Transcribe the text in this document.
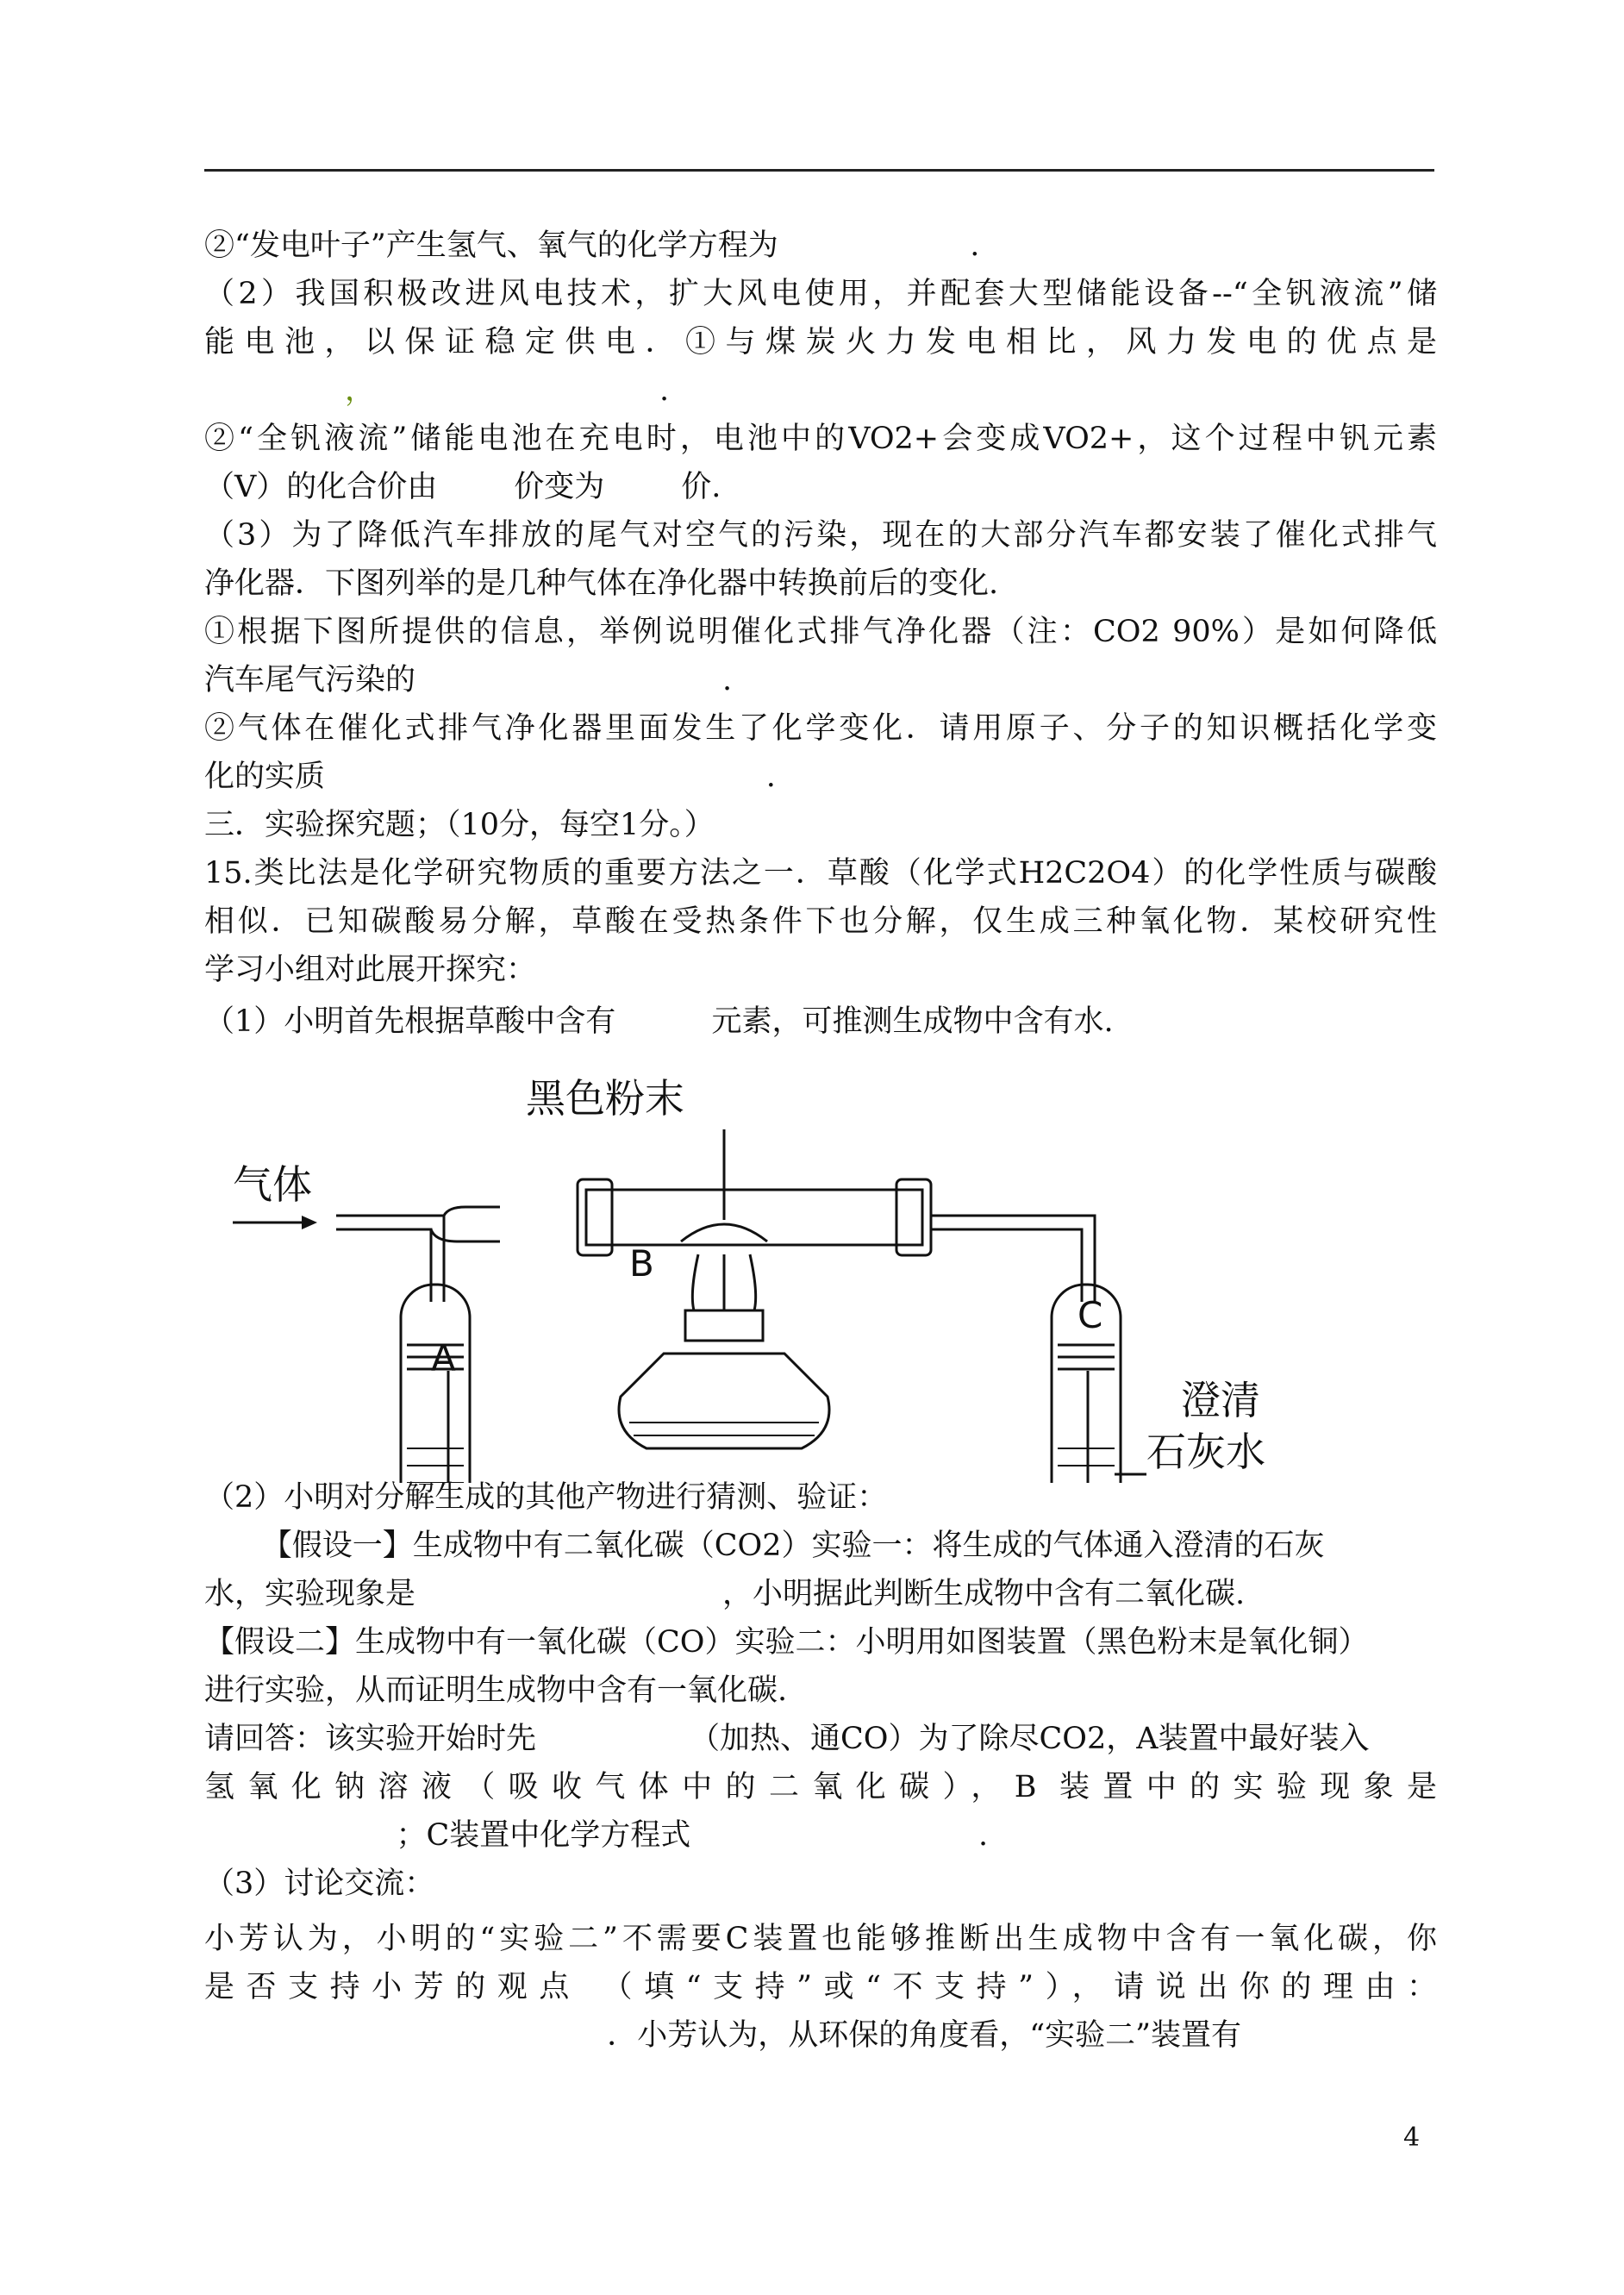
②“发电叶子”产生氢气、氧气的化学方程为                    .
（2）我国积极改进风电技术，扩大风电使用，并配套大型储能设备--“全钒液流”储
能电池，以保证稳定供电．①与煤炭火力发电相比，风力发电的优点是
，	.
②“全钒液流”储能电池在充电时，电池中的VO2+会变成VO2+，这个过程中钒元素
（V）的化合价由        价变为        价.
（3）为了降低汽车排放的尾气对空气的污染，现在的大部分汽车都安装了催化式排气
净化器．下图列举的是几种气体在净化器中转换前后的变化.
①根据下图所提供的信息，举例说明催化式排气净化器（注：CO2 90%）是如何降低
汽车尾气污染的                                .
②气体在催化式排气净化器里面发生了化学变化．请用原子、分子的知识概括化学变
化的实质                                              .
三．实验探究题；（10分，每空1分。）
15.类比法是化学研究物质的重要方法之一．草酸（化学式H2C2O4）的化学性质与碳酸
相似．已知碳酸易分解，草酸在受热条件下也分解，仅生成三种氧化物．某校研究性
学习小组对此展开探究：
（1）小明首先根据草酸中含有          元素，可推测生成物中含有水.
黑色粉末
气体
A
B
C
澄清
石灰水
（2）小明对分解生成的其他产物进行猜测、验证：
【假设一】生成物中有二氧化碳（CO2）实验一：将生成的气体通入澄清的石灰
水，实验现象是                                ，小明据此判断生成物中含有二氧化碳.
【假设二】生成物中有一氧化碳（CO）实验二：小明用如图装置（黑色粉末是氧化铜）
进行实验，从而证明生成物中含有一氧化碳.
请回答：该实验开始时先                （加热、通CO）为了除尽CO2，A装置中最好装入
氢氧化钠溶液（吸收气体中的二氧化碳），B 装置中的实验现象是
；C装置中化学方程式                              .
（3）讨论交流：
小芳认为，小明的“实验二”不需要C装置也能够推断出生成物中含有一氧化碳，你
是否支持小芳的观点 （填“支持”或“不支持”），请说出你的理由：
．小芳认为，从环保的角度看，“实验二”装置有
4
